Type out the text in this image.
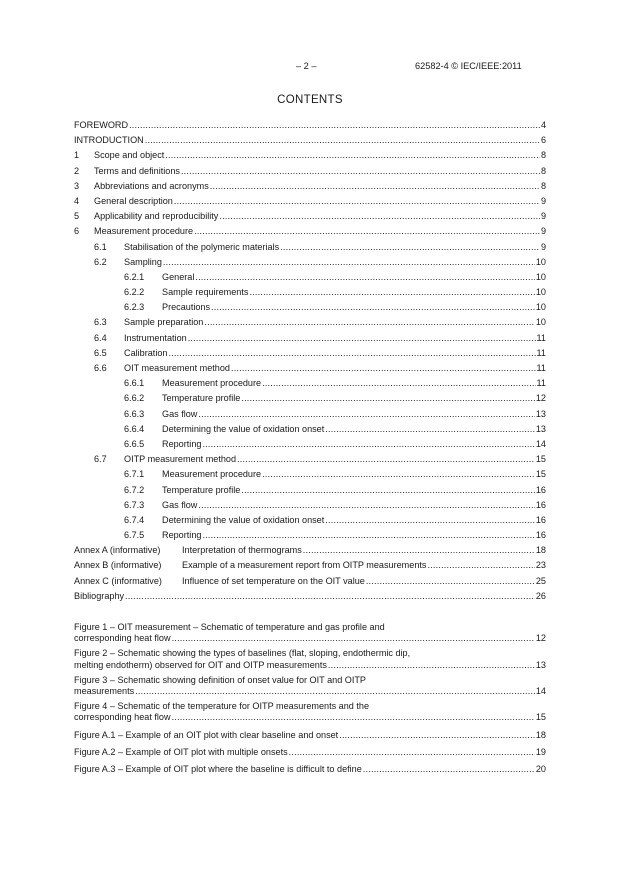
– 2 –	62582-4 © IEC/IEEE:2011
CONTENTS
FOREWORD .....	4
INTRODUCTION .....	6
1	Scope and object .....	8
2	Terms and definitions .....	8
3	Abbreviations and acronyms .....	8
4	General description .....	9
5	Applicability and reproducibility .....	9
6	Measurement procedure .....	9
6.1	Stabilisation of the polymeric materials .....	9
6.2	Sampling .....	10
6.2.1	General .....	10
6.2.2	Sample requirements .....	10
6.2.3	Precautions .....	10
6.3	Sample preparation .....	10
6.4	Instrumentation .....	11
6.5	Calibration .....	11
6.6	OIT measurement method .....	11
6.6.1	Measurement procedure .....	11
6.6.2	Temperature profile .....	12
6.6.3	Gas flow .....	13
6.6.4	Determining the value of oxidation onset .....	13
6.6.5	Reporting .....	14
6.7	OITP measurement method .....	15
6.7.1	Measurement procedure .....	15
6.7.2	Temperature profile .....	16
6.7.3	Gas flow .....	16
6.7.4	Determining the value of oxidation onset .....	16
6.7.5	Reporting .....	16
Annex A (informative)	Interpretation of thermograms .....	18
Annex B (informative)	Example of a measurement report from OITP measurements .....	23
Annex C (informative)	Influence of set temperature on the OIT value .....	25
Bibliography .....	26
Figure 1 – OIT measurement – Schematic of temperature and gas profile and
corresponding heat flow .....	12
Figure 2 – Schematic showing the types of baselines (flat, sloping, endothermic dip,
melting endotherm) observed for OIT and OITP measurements .....	13
Figure 3 – Schematic showing definition of onset value for OIT and OITP
measurements .....	14
Figure 4 – Schematic of the temperature for OITP measurements and the
corresponding heat flow .....	15
Figure A.1 – Example of an OIT plot with clear baseline and onset .....	18
Figure A.2 – Example of OIT plot with multiple onsets .....	19
Figure A.3 – Example of OIT plot where the baseline is difficult to define .....	20
